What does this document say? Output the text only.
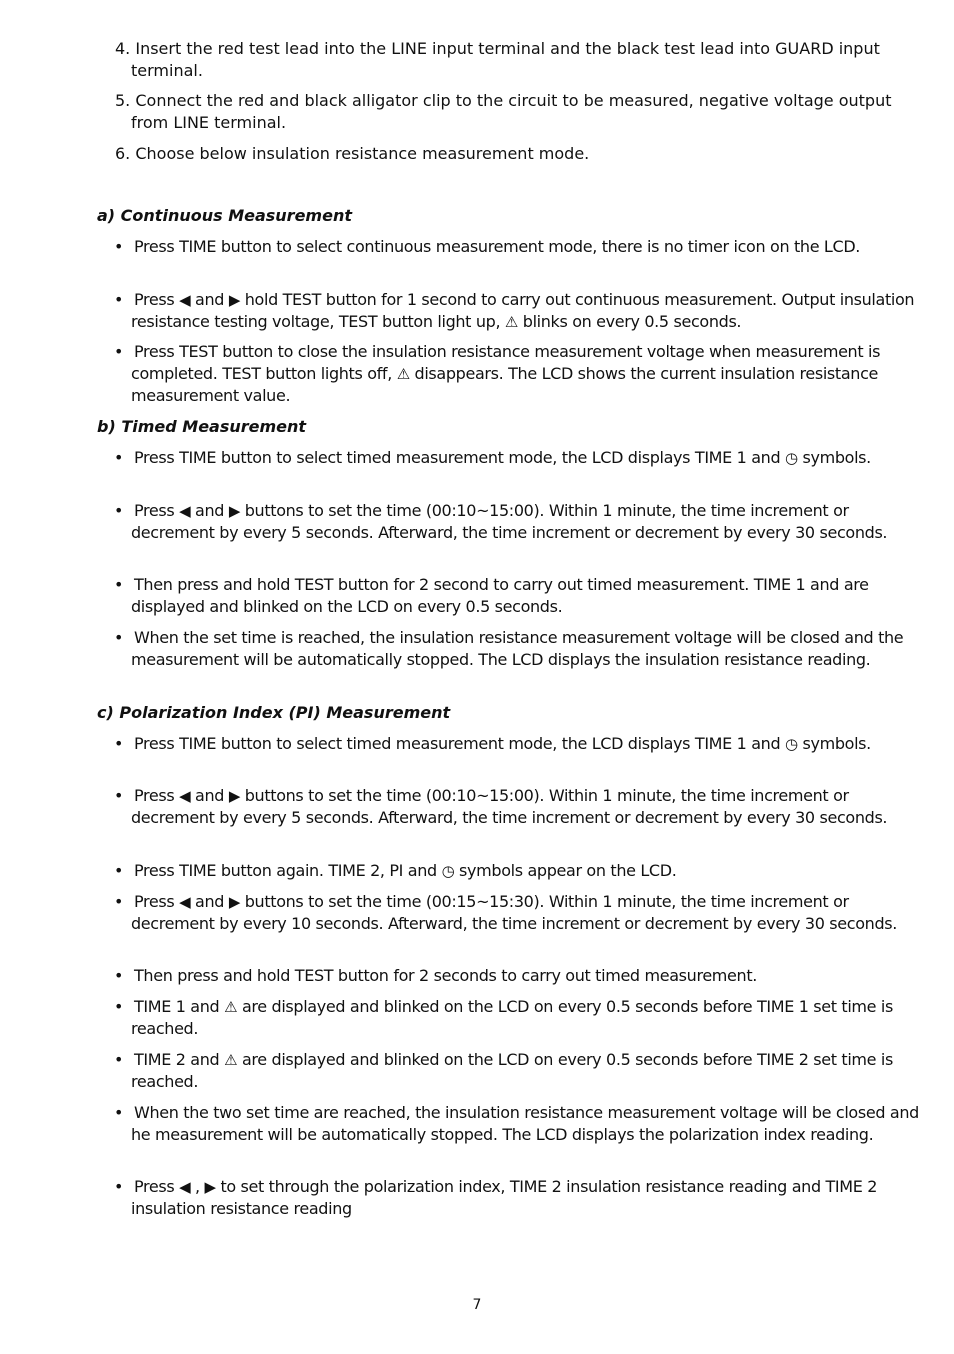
4. Insert the red test lead into the LINE input terminal and the black test lead into GUARD input terminal.
5. Connect the red and black alligator clip to the circuit to be measured, negative voltage output from LINE terminal.
6. Choose below insulation resistance measurement mode.
a) Continuous Measurement
• Press TIME button to select continuous measurement mode, there is no timer icon on the LCD.
• Press ◀ and ▶ hold TEST button for 1 second to carry out continuous measurement. Output insulation resistance testing voltage, TEST button light up, ⚠ blinks on every 0.5 seconds.
• Press TEST button to close the insulation resistance measurement voltage when measurement is completed. TEST button lights off, ⚠ disappears. The LCD shows the current insulation resistance measurement value.
b) Timed Measurement
• Press TIME button to select timed measurement mode, the LCD displays TIME 1 and ◷ symbols.
• Press ◀ and ▶ buttons to set the time (00:10~15:00). Within 1 minute, the time increment or decrement by every 5 seconds. Afterward, the time increment or decrement by every 30 seconds.
• Then press and hold TEST button for 2 second to carry out timed measurement. TIME 1 and are displayed and blinked on the LCD on every 0.5 seconds.
• When the set time is reached, the insulation resistance measurement voltage will be closed and the measurement will be automatically stopped. The LCD displays the insulation resistance reading.
c) Polarization Index (PI) Measurement
• Press TIME button to select timed measurement mode, the LCD displays TIME 1 and ◷ symbols.
• Press ◀ and ▶ buttons to set the time (00:10~15:00). Within 1 minute, the time increment or decrement by every 5 seconds. Afterward, the time increment or decrement by every 30 seconds.
• Press TIME button again. TIME 2, PI and ◷ symbols appear on the LCD.
• Press ◀ and ▶ buttons to set the time (00:15~15:30). Within 1 minute, the time increment or decrement by every 10 seconds. Afterward, the time increment or decrement by every 30 seconds.
• Then press and hold TEST button for 2 seconds to carry out timed measurement.
• TIME 1 and ⚠ are displayed and blinked on the LCD on every 0.5 seconds before TIME 1 set time is reached.
• TIME 2 and ⚠ are displayed and blinked on the LCD on every 0.5 seconds before TIME 2 set time is reached.
• When the two set time are reached, the insulation resistance measurement voltage will be closed and he measurement will be automatically stopped. The LCD displays the polarization index reading.
• Press ◀ , ▶ to set through the polarization index, TIME 2 insulation resistance reading and TIME 2 insulation resistance reading
7
